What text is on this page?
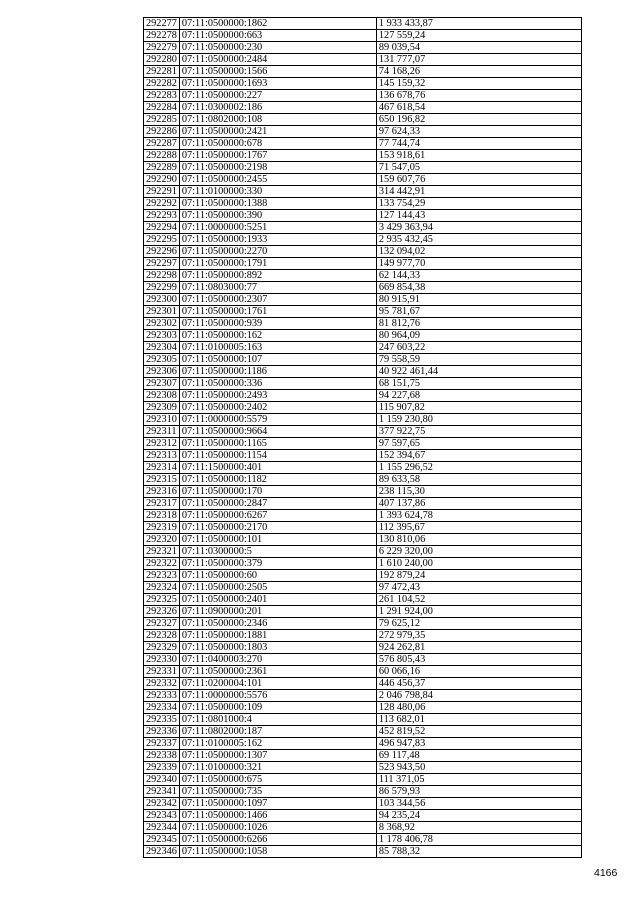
292277	07:11:0500000:1862	1 933 433,87
292278	07:11:0500000:663	127 559,24
292279	07:11:0500000:230	89 039,54
292280	07:11:0500000:2484	131 777,07
292281	07:11:0500000:1566	74 168,26
292282	07:11:0500000:1693	145 159,32
292283	07:11:0500000:227	136 678,76
292284	07:11:0300002:186	467 618,54
292285	07:11:0802000:108	650 196,82
292286	07:11:0500000:2421	97 624,33
292287	07:11:0500000:678	77 744,74
292288	07:11:0500000:1767	153 918,61
292289	07:11:0500000:2198	71 547,05
292290	07:11:0500000:2455	159 607,76
292291	07:11:0100000:330	314 442,91
292292	07:11:0500000:1388	133 754,29
292293	07:11:0500000:390	127 144,43
292294	07:11:0000000:5251	3 429 363,94
292295	07:11:0500000:1933	2 935 432,45
292296	07:11:0500000:2270	132 094,02
292297	07:11:0500000:1791	149 977,70
292298	07:11:0500000:892	62 144,33
292299	07:11:0803000:77	669 854,38
292300	07:11:0500000:2307	80 915,91
292301	07:11:0500000:1761	95 781,67
292302	07:11:0500000:939	81 812,76
292303	07:11:0500000:162	80 964,09
292304	07:11:0100005:163	247 603,22
292305	07:11:0500000:107	79 558,59
292306	07:11:0500000:1186	40 922 461,44
292307	07:11:0500000:336	68 151,75
292308	07:11:0500000:2493	94 227,68
292309	07:11:0500000:2402	115 907,82
292310	07:11:0000000:5579	1 159 230,80
292311	07:11:0500000:9664	377 922,75
292312	07:11:0500000:1165	97 597,65
292313	07:11:0500000:1154	152 394,67
292314	07:11:1500000:401	1 155 296,52
292315	07:11:0500000:1182	89 633,58
292316	07:11:0500000:170	238 115,30
292317	07:11:0500000:2847	407 137,86
292318	07:11:0500000:6267	1 393 624,78
292319	07:11:0500000:2170	112 395,67
292320	07:11:0500000:101	130 810,06
292321	07:11:0300000:5	6 229 320,00
292322	07:11:0500000:379	1 610 240,00
292323	07:11:0500000:60	192 879,24
292324	07:11:0500000:2505	97 472,43
292325	07:11:0500000:2401	261 104,52
292326	07:11:0900000:201	1 291 924,00
292327	07:11:0500000:2346	79 625,12
292328	07:11:0500000:1881	272 979,35
292329	07:11:0500000:1803	924 262,81
292330	07:11:0400003:270	576 805,43
292331	07:11:0500000:2361	60 066,16
292332	07:11:0200004:101	446 456,37
292333	07:11:0000000:5576	2 046 798,84
292334	07:11:0500000:109	128 480,06
292335	07:11:0801000:4	113 682,01
292336	07:11:0802000:187	452 819,52
292337	07:11:0100005:162	496 947,83
292338	07:11:0500000:1307	69 117,48
292339	07:11:0100000:321	523 943,50
292340	07:11:0500000:675	111 371,05
292341	07:11:0500000:735	86 579,93
292342	07:11:0500000:1097	103 344,56
292343	07:11:0500000:1466	94 235,24
292344	07:11:0500000:1026	8 368,92
292345	07:11:0500000:6266	1 178 406,78
292346	07:11:0500000:1058	85 788,32
4166
